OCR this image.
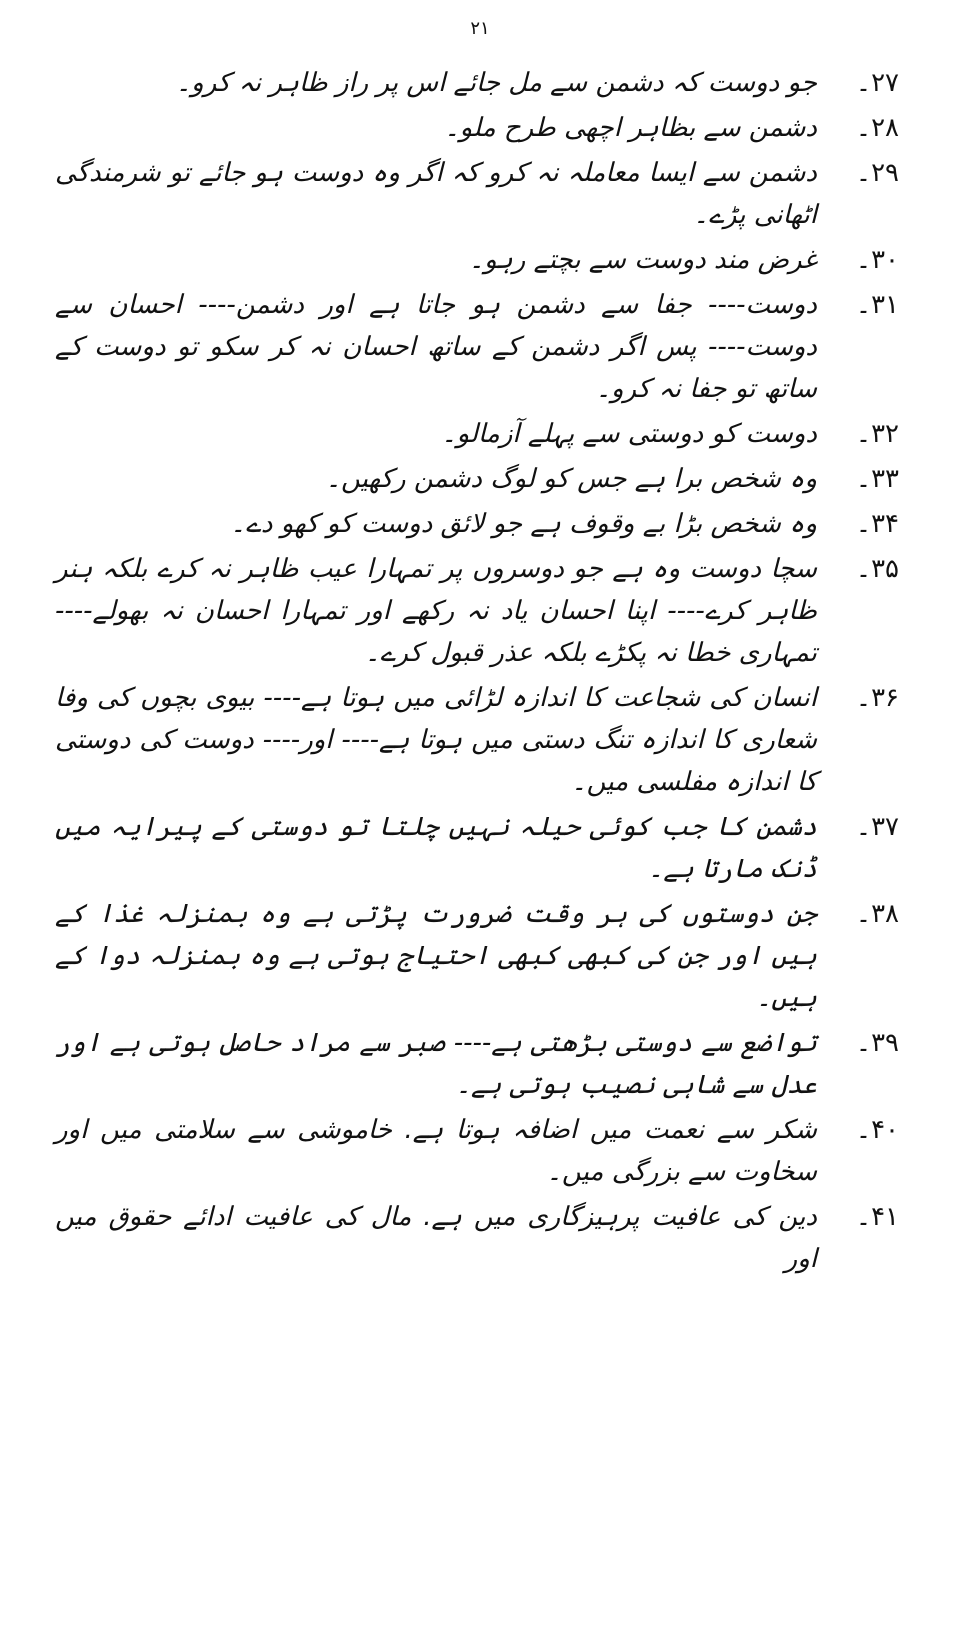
۲۱
۲۷۔
جو دوست کہ دشمن سے مل جائے اس پر راز ظاہر نہ کرو۔
۲۸۔
دشمن سے بظاہر اچھی طرح ملو۔
۲۹۔
دشمن سے ایسا معاملہ نہ کرو کہ اگر وہ دوست ہو جائے تو شرمندگی اٹھانی پڑے۔
۳۰۔
غرض مند دوست سے بچتے رہو۔
۳۱۔
دوست---- جفا سے دشمن ہو جاتا ہے اور دشمن---- احسان سے دوست---- پس اگر دشمن کے ساتھ احسان نہ کر سکو تو دوست کے ساتھ تو جفا نہ کرو۔
۳۲۔
دوست کو دوستی سے پہلے آزمالو۔
۳۳۔
وہ شخص برا ہے جس کو لوگ دشمن رکھیں۔
۳۴۔
وہ شخص بڑا بے وقوف ہے جو لائق دوست کو کھو دے۔
۳۵۔
سچا دوست وہ ہے جو دوسروں پر تمہارا عیب ظاہر نہ کرے بلکہ ہنر ظاہر کرے---- اپنا احسان یاد نہ رکھے اور تمہارا احسان نہ بھولے---- تمہاری خطا نہ پکڑے بلکہ عذر قبول کرے۔
۳۶۔
انسان کی شجاعت کا اندازہ لڑائی میں ہوتا ہے---- بیوی بچوں کی وفا شعاری کا اندازہ تنگ دستی میں ہوتا ہے---- اور---- دوست کی دوستی کا اندازہ مفلسی میں۔
۳۷۔
دشمن کا جب کوئی حیلہ نہیں چلتا تو دوستی کے پیرایہ میں ڈنک مارتا ہے۔
۳۸۔
جن دوستوں کی ہر وقت ضرورت پڑتی ہے وہ بمنزلہ غذا کے ہیں اور جن کی کبھی کبھی احتیاج ہوتی ہے وہ بمنزلہ دوا کے ہیں۔
۳۹۔
تواضع سے دوستی بڑھتی ہے---- صبر سے مراد حاصل ہوتی ہے اور عدل سے شاہی نصیب ہوتی ہے۔
۴۰۔
شکر سے نعمت میں اضافہ ہوتا ہے. خاموشی سے سلامتی میں اور سخاوت سے بزرگی میں۔
۴۱۔
دین کی عافیت پرہیزگاری میں ہے. مال کی عافیت ادائے حقوق میں اور
